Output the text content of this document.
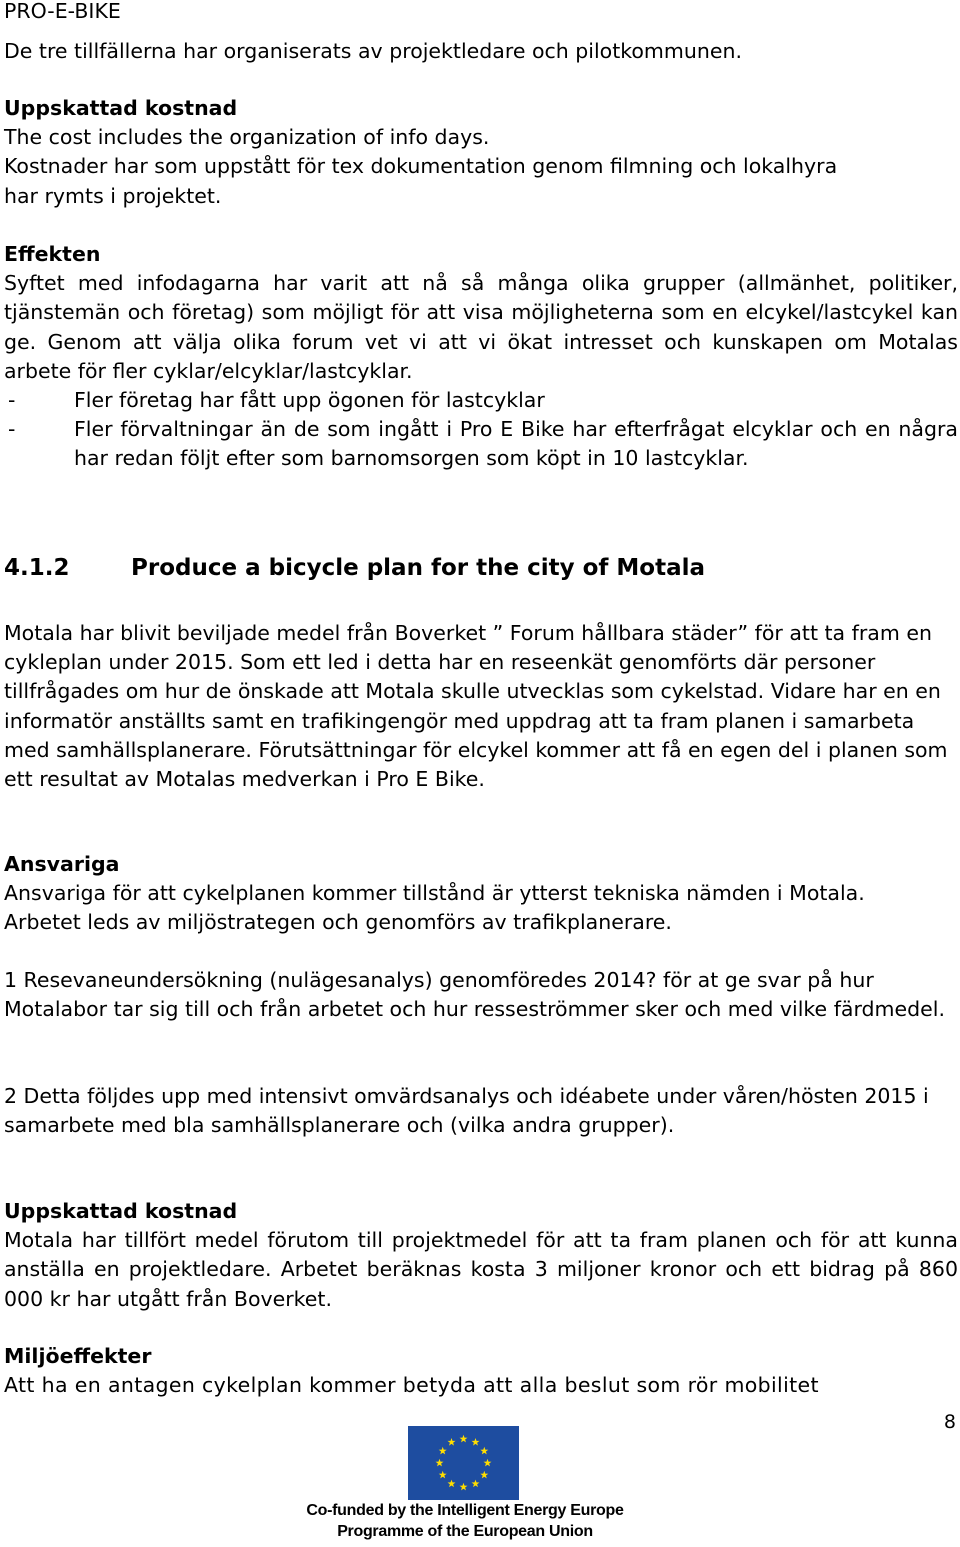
PRO-E-BIKE

De tre tillfällerna har organiserats av projektledare och pilotkommunen.

Uppskattad kostnad
The cost includes the organization of info days.
Kostnader har som uppstått för tex dokumentation genom filmning och lokalhyra har rymts i projektet.
Effekten
Syftet med infodagarna har varit att nå så många olika grupper (allmänhet, politiker, tjänstemän och företag) som möjligt för att visa möjligheterna som en elcykel/lastcykel kan ge. Genom att välja olika forum vet vi att vi ökat intresset och kunskapen om Motalas arbete för fler cyklar/elcyklar/lastcyklar.
-	Fler företag har fått upp ögonen för lastcyklar
-	Fler förvaltningar än de som ingått i Pro E Bike har efterfrågat elcyklar och en några har redan följt efter som barnomsorgen som köpt in 10 lastcyklar.
4.1.2	Produce a bicycle plan for the city of Motala

Motala har blivit beviljade medel från Boverket ” Forum hållbara städer” för att ta fram en cykleplan under 2015. Som ett led i detta har en reseenkät genomförts där personer tillfrågades om hur de önskade att Motala skulle utvecklas som cykelstad. Vidare har en en informatör anställts samt en trafikingengör med uppdrag att ta fram planen i samarbeta med samhällsplanerare. Förutsättningar för elcykel kommer att få en egen del i planen som ett resultat av Motalas medverkan i Pro E Bike.

Ansvariga
Ansvariga för att cykelplanen kommer tillstånd är ytterst tekniska nämden i Motala. Arbetet leds av miljöstrategen och genomförs av trafikplanerare.

1 Resevaneundersökning (nulägesanalys) genomföredes 2014? för at ge svar på hur Motalabor tar sig till och från arbetet och hur resseströmmer sker och med vilke färdmedel.

2 Detta följdes upp med intensivt omvärdsanalys och idéabete under våren/hösten 2015 i samarbete med bla samhällsplanerare och (vilka andra grupper).

Uppskattad kostnad
Motala har tillfört medel förutom till projektmedel för att ta fram planen och för att kunna anställa en projektledare. Arbetet beräknas kosta 3 miljoner kronor och ett bidrag på 860 000 kr har utgått från Boverket.
Miljöeffekter
Att ha en antagen cykelplan kommer betyda att alla beslut som rör mobilitet
8
Co-funded by the Intelligent Energy Europe
Programme of the European Union
